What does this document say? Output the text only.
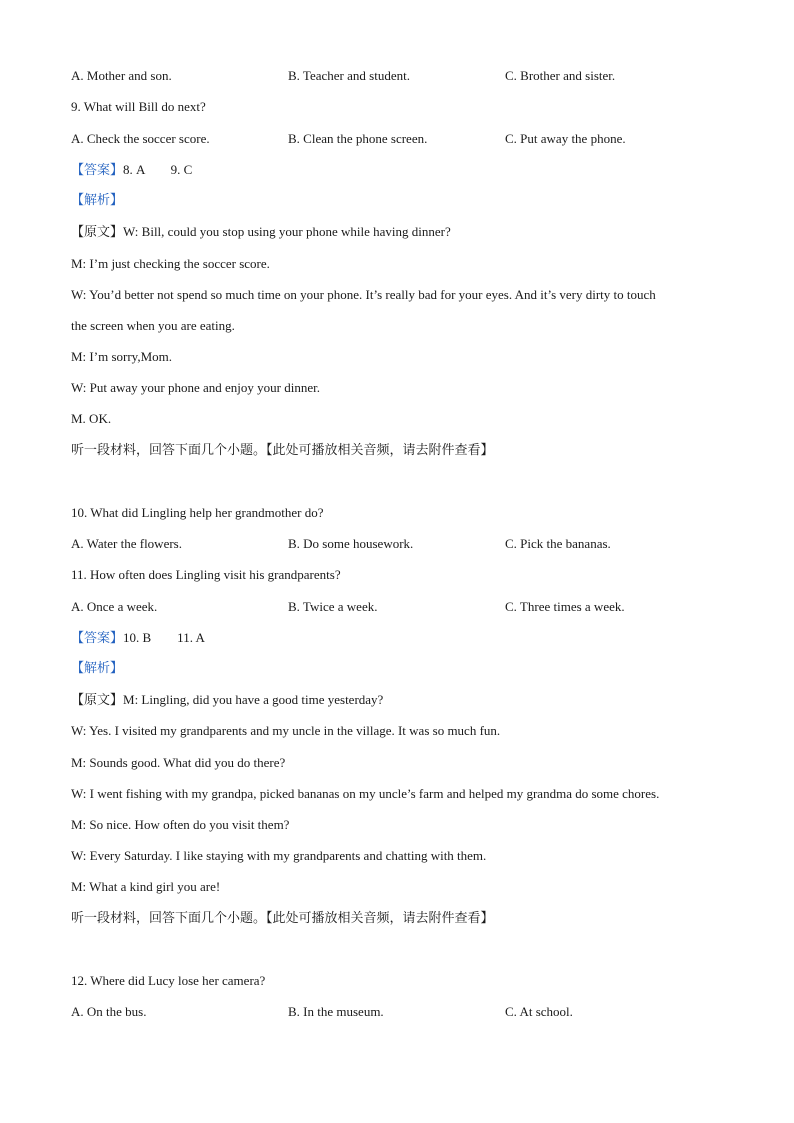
A. Mother and son.	B. Teacher and student.	C. Brother and sister.
9. What will Bill do next?
A. Check the soccer score.	B. Clean the phone screen.	C. Put away the phone.
【答案】8. A        9. C
【解析】
【原文】W: Bill, could you stop using your phone while having dinner?
M: I’m just checking the soccer score.
W: You’d better not spend so much time on your phone. It’s really bad for your eyes. And it’s very dirty to touch
the screen when you are eating.
M: I’m sorry,Mom.
W: Put away your phone and enjoy your dinner.
M. OK.
听一段材料，回答下面几个小题。【此处可播放相关音频，请去附件查看】
10. What did Lingling help her grandmother do?
A. Water the flowers.	B. Do some housework.	C. Pick the bananas.
11. How often does Lingling visit his grandparents?
A. Once a week.	B. Twice a week.	C. Three times a week.
【答案】10. B        11. A
【解析】
【原文】M: Lingling, did you have a good time yesterday?
W: Yes. I visited my grandparents and my uncle in the village. It was so much fun.
M: Sounds good. What did you do there?
W: I went fishing with my grandpa, picked bananas on my uncle’s farm and helped my grandma do some chores.
M: So nice. How often do you visit them?
W: Every Saturday. I like staying with my grandparents and chatting with them.
M: What a kind girl you are!
听一段材料，回答下面几个小题。【此处可播放相关音频，请去附件查看】
12. Where did Lucy lose her camera?
A. On the bus.	B. In the museum.	C. At school.
